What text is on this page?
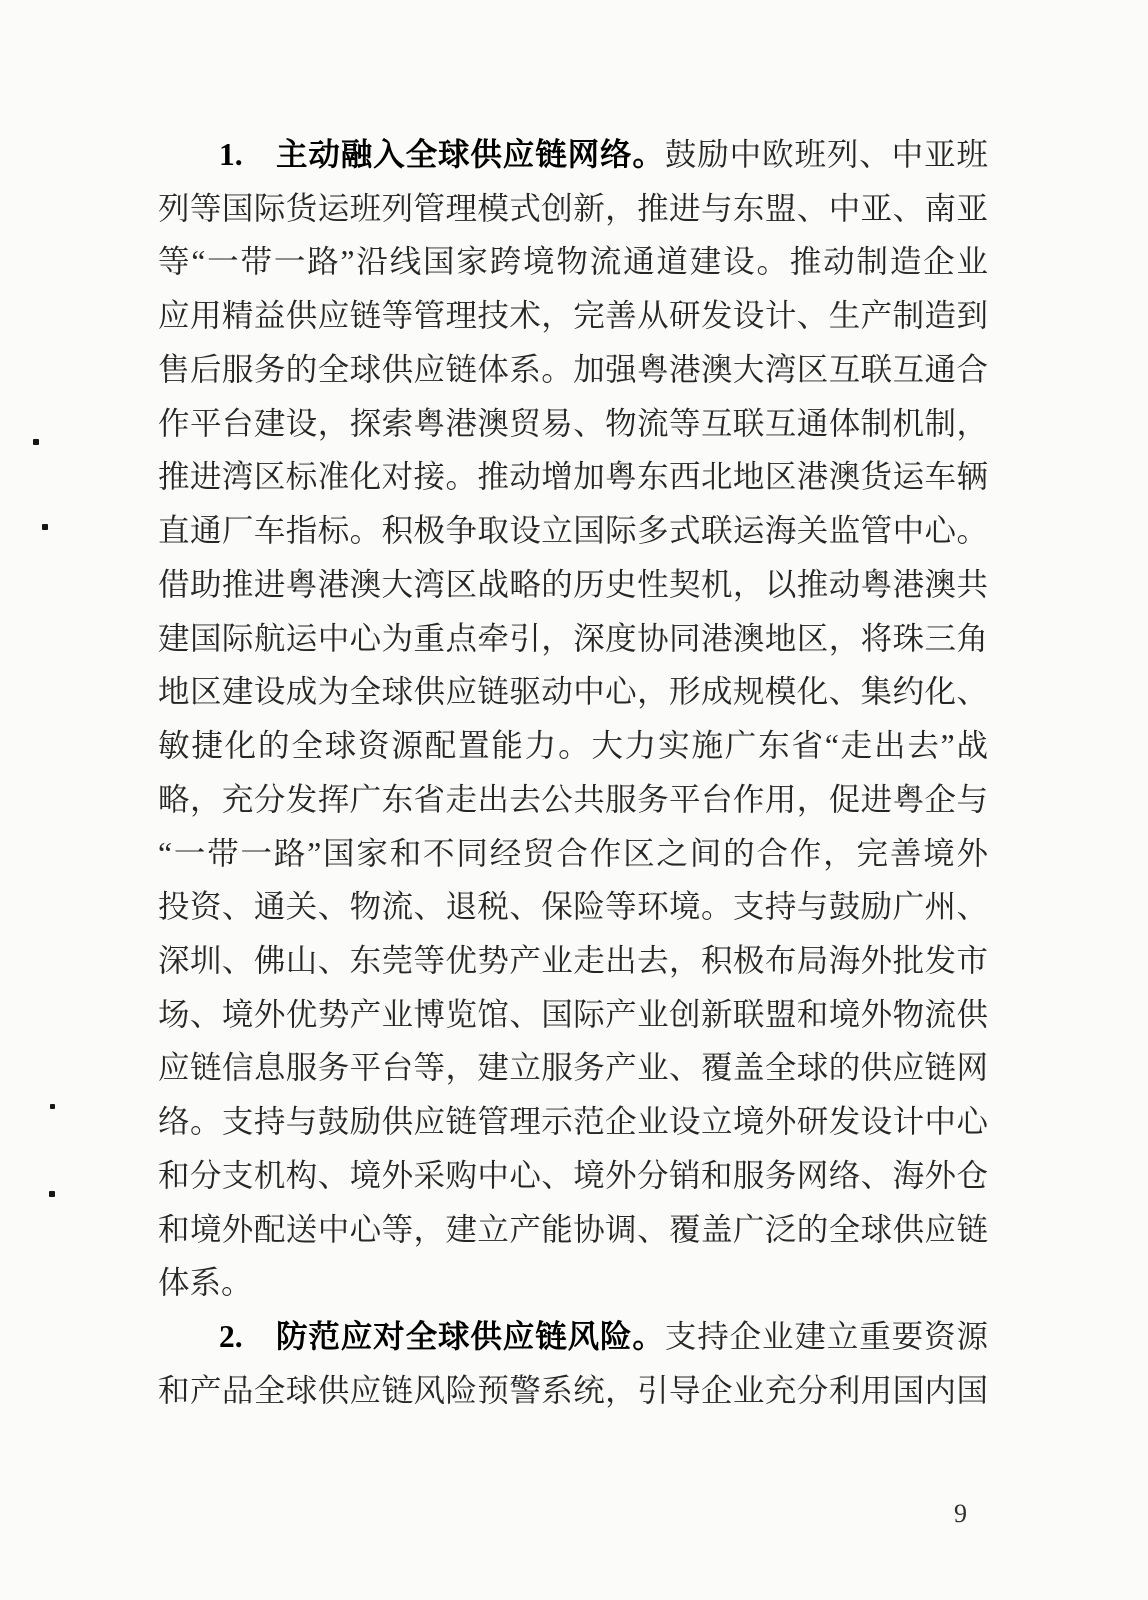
1.　主动融入全球供应链网络。鼓励中欧班列、中亚班
列等国际货运班列管理模式创新，推进与东盟、中亚、南亚
等“一带一路”沿线国家跨境物流通道建设。推动制造企业
应用精益供应链等管理技术，完善从研发设计、生产制造到
售后服务的全球供应链体系。加强粤港澳大湾区互联互通合
作平台建设，探索粤港澳贸易、物流等互联互通体制机制，
推进湾区标准化对接。推动增加粤东西北地区港澳货运车辆
直通厂车指标。积极争取设立国际多式联运海关监管中心。
借助推进粤港澳大湾区战略的历史性契机，以推动粤港澳共
建国际航运中心为重点牵引，深度协同港澳地区，将珠三角
地区建设成为全球供应链驱动中心，形成规模化、集约化、
敏捷化的全球资源配置能力。大力实施广东省“走出去”战
略，充分发挥广东省走出去公共服务平台作用，促进粤企与
“一带一路”国家和不同经贸合作区之间的合作，完善境外
投资、通关、物流、退税、保险等环境。支持与鼓励广州、
深圳、佛山、东莞等优势产业走出去，积极布局海外批发市
场、境外优势产业博览馆、国际产业创新联盟和境外物流供
应链信息服务平台等，建立服务产业、覆盖全球的供应链网
络。支持与鼓励供应链管理示范企业设立境外研发设计中心
和分支机构、境外采购中心、境外分销和服务网络、海外仓
和境外配送中心等，建立产能协调、覆盖广泛的全球供应链
体系。
2.　防范应对全球供应链风险。支持企业建立重要资源
和产品全球供应链风险预警系统，引导企业充分利用国内国
9
